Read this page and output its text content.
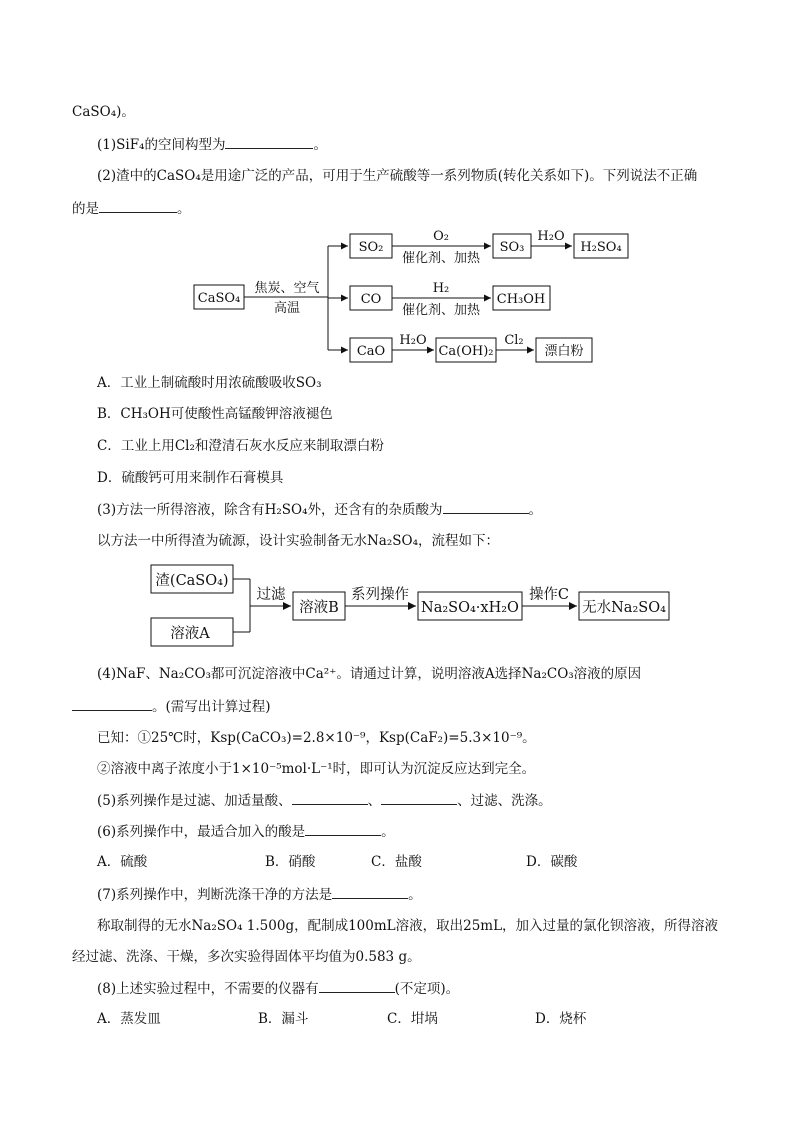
CaSO₄)。
(1)SiF₄的空间构型为	。
(2)渣中的CaSO₄是用途广泛的产品，可用于生产硫酸等一系列物质(转化关系如下)。下列说法不正确
的是	。
CaSO₄
焦炭、空气
高温
SO₂
O₂
催化剂、加热
SO₃
H₂O
H₂SO₄
CO
H₂
催化剂、加热
CH₃OH
CaO
H₂O
Ca(OH)₂
Cl₂
漂白粉
A．工业上制硫酸时用浓硫酸吸收SO₃
B．CH₃OH可使酸性高锰酸钾溶液褪色
C．工业上用Cl₂和澄清石灰水反应来制取漂白粉
D．硫酸钙可用来制作石膏模具
(3)方法一所得溶液，除含有H₂SO₄外，还含有的杂质酸为	。
以方法一中所得渣为硫源，设计实验制备无水Na₂SO₄，流程如下：
渣(CaSO₄)
溶液A
过滤
溶液B
系列操作
Na₂SO₄·xH₂O
操作C
无水Na₂SO₄
(4)NaF、Na₂CO₃都可沉淀溶液中Ca²⁺。请通过计算，说明溶液A选择Na₂CO₃溶液的原因
。(需写出计算过程)
已知：①25℃时，Ksp(CaCO₃)=2.8×10⁻⁹，Ksp(CaF₂)=5.3×10⁻⁹。
②溶液中离子浓度小于1×10⁻⁵mol·L⁻¹时，即可认为沉淀反应达到完全。
(5)系列操作是过滤、加适量酸、	、	、过滤、洗涤。
(6)系列操作中，最适合加入的酸是	。
A．硫酸	B．硝酸	C．盐酸	D．碳酸
(7)系列操作中，判断洗涤干净的方法是	。
称取制得的无水Na₂SO₄ 1.500g，配制成100mL溶液，取出25mL，加入过量的氯化钡溶液，所得溶液
经过滤、洗涤、干燥，多次实验得固体平均值为0.583 g。
(8)上述实验过程中，不需要的仪器有	(不定项)。
A．蒸发皿	B．漏斗	C．坩埚	D．烧杯
